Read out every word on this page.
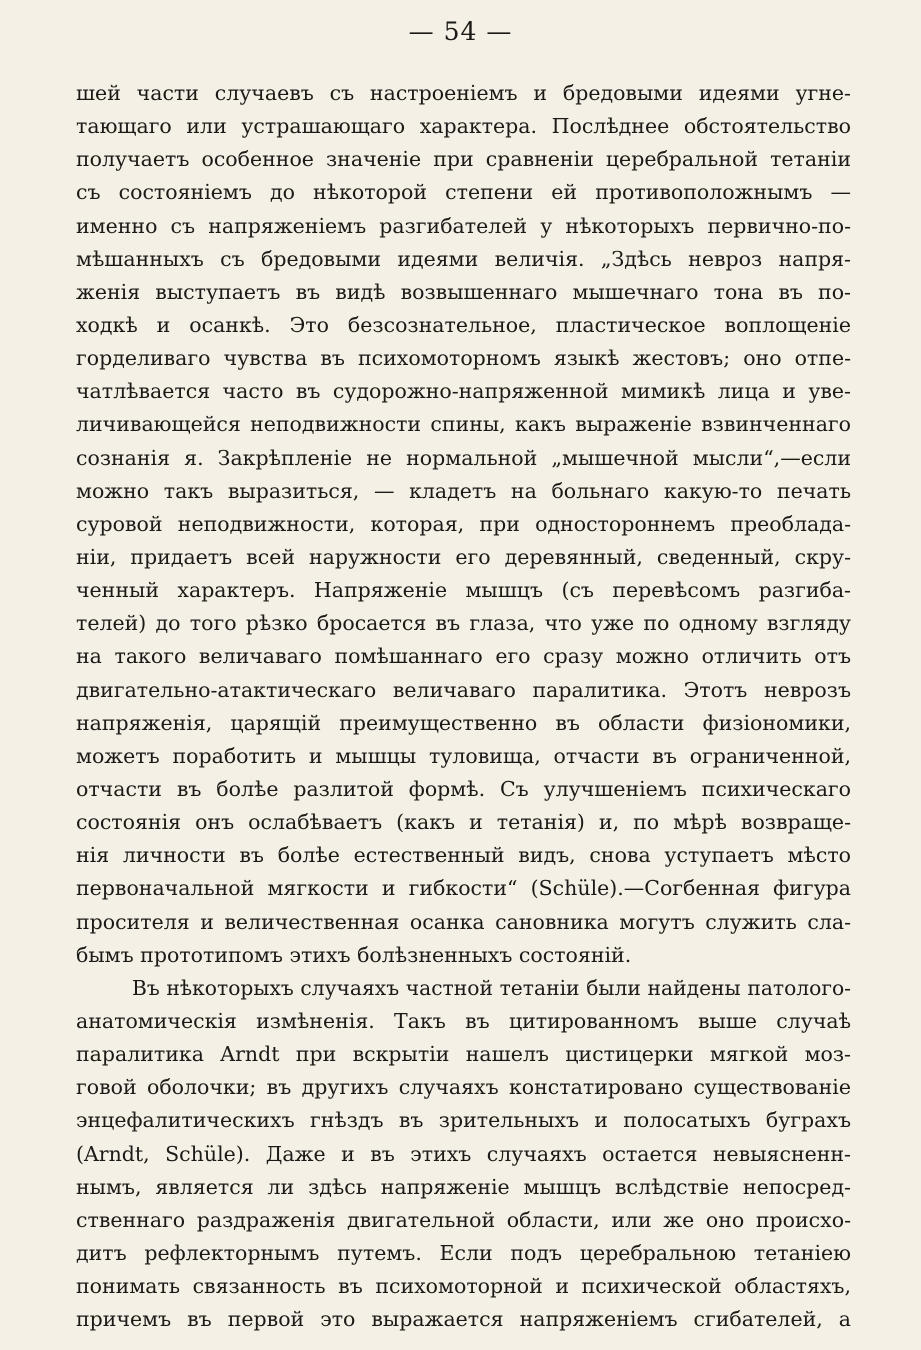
— 54 —
шей части случаевъ съ настроеніемъ и бредовыми идеями угне-
тающаго или устрашающаго характера. Послѣднее обстоятельство
получаетъ особенное значеніе при сравненіи церебральной тетаніи
съ состояніемъ до нѣкоторой степени ей противоположнымъ —
именно съ напряженіемъ разгибателей у нѣкоторыхъ первично-по-
мѣшанныхъ съ бредовыми идеями величія. „Здѣсь невроз напря-
женія выступаетъ въ видѣ возвышеннаго мышечнаго тона въ по-
ходкѣ и осанкѣ. Это безсознательное, пластическое воплощеніе
горделиваго чувства въ психомоторномъ языкѣ жестовъ; оно отпе-
чатлѣвается часто въ судорожно-напряженной мимикѣ лица и уве-
личивающейся неподвижности спины, какъ выраженіе взвинченнаго
сознанія я. Закрѣпленіе не нормальной „мышечной мысли“,—если
можно такъ выразиться, — кладетъ на больнаго какую-то печать
суровой неподвижности, которая, при одностороннемъ преоблада-
ніи, придаетъ всей наружности его деревянный, сведенный, скру-
ченный характеръ. Напряженіе мышцъ (съ перевѣсомъ разгиба-
телей) до того рѣзко бросается въ глаза, что уже по одному взгляду
на такого величаваго помѣшаннаго его сразу можно отличить отъ
двигательно-атактическаго величаваго паралитика. Этотъ невpозъ
напряженія, царящій преимущественно въ области физіономики,
можетъ поработить и мышцы туловища, отчасти въ ограниченной,
отчасти въ болѣе разлитой формѣ. Съ улучшеніемъ психическаго
состоянія онъ ослабѣваетъ (какъ и тетанія) и, по мѣрѣ возвраще-
нія личности въ болѣе естественный видъ, снова уступаетъ мѣсто
первоначальной мягкости и гибкости“ (Schüle).—Согбенная фигура
просителя и величественная осанка сановника могутъ служить сла-
бымъ прототипомъ этихъ болѣзненныхъ состояній.
Въ нѣкоторыхъ случаяхъ частной тетаніи были найдены патолого-
анатомическія измѣненія. Такъ въ цитированномъ выше случаѣ
паралитика Arndt при вскрытіи нашелъ цистицерки мягкой моз-
говой оболочки; въ другихъ случаяхъ констатировано существованіе
энцефалитическихъ гнѣздъ въ зрительныхъ и полосатыхъ буграхъ
(Arndt, Schüle). Даже и въ этихъ случаяхъ остается невыясненн-
нымъ, является ли здѣсь напряженіе мышцъ вслѣдствіе непосред-
ственнаго раздраженія двигательной области, или же оно происхо-
дитъ рефлекторнымъ путемъ. Если подъ церебральною тетаніею
понимать связанность въ психомоторной и психической областяхъ,
причемъ въ первой это выражается напряженіемъ сгибателей, а
